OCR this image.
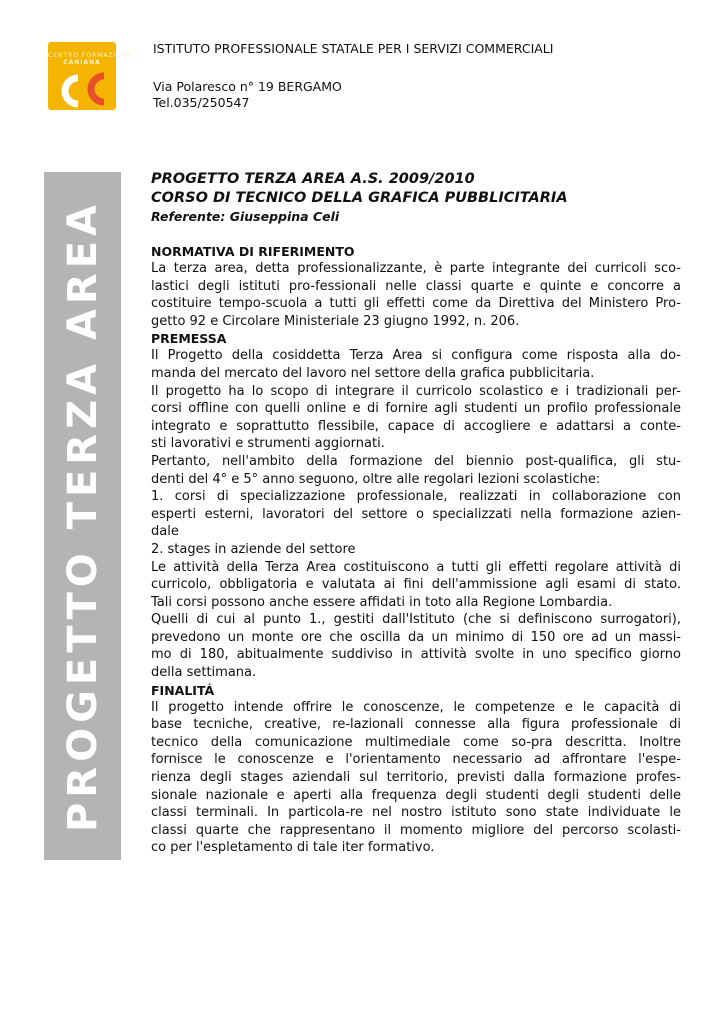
CENTRO FORMAZIONE
CANIANA
ISTITUTO PROFESSIONALE STATALE PER I SERVIZI COMMERCIALI
Via Polaresco n° 19 BERGAMO
Tel.035/250547
PROGETTO TERZA AREA
PROGETTO TERZA AREA A.S. 2009/2010
CORSO DI TECNICO DELLA GRAFICA PUBBLICITARIA
Referente: Giuseppina Celi
NORMATIVA DI RIFERIMENTO

La terza area, detta professionalizzante, è parte integrante dei curricoli sco-

lastici degli istituti pro-fessionali nelle classi quarte e quinte e concorre a

costituire tempo-scuola a tutti gli effetti come da Direttiva del Ministero Pro-

getto 92 e Circolare Ministeriale 23 giugno 1992, n. 206.

PREMESSA

Il Progetto della cosiddetta Terza Area si configura come risposta alla do-

manda del mercato del lavoro nel settore della grafica pubblicitaria.

Il progetto ha lo scopo di integrare il curricolo scolastico e i tradizionali per-

corsi offline con quelli online e di fornire agli studenti un profilo professionale

integrato e soprattutto flessibile, capace di accogliere e adattarsi a conte-

sti lavorativi e strumenti aggiornati.

Pertanto, nell'ambito della formazione del biennio post-qualifica, gli stu-

denti del 4° e 5° anno seguono, oltre alle regolari lezioni scolastiche:

1. corsi di specializzazione professionale, realizzati in collaborazione con

esperti esterni, lavoratori del settore o specializzati nella formazione azien-

dale

2. stages in aziende del settore

Le attività della Terza Area costituiscono a tutti gli effetti regolare attività di

curricolo, obbligatoria e valutata ai fini dell'ammissione agli esami di stato.

Tali corsi possono anche essere affidati in toto alla Regione Lombardia.

Quelli di cui al punto 1., gestiti dall'Istituto (che si definiscono surrogatori),

prevedono un monte ore che oscilla da un minimo di 150 ore ad un massi-

mo di 180, abitualmente suddiviso in attività svolte in uno specifico giorno

della settimana.

FINALITÁ

Il progetto intende offrire le conoscenze, le competenze e le capacità di

base tecniche, creative, re-lazionali connesse alla figura professionale di

tecnico della comunicazione multimediale come so-pra descritta. Inoltre

fornisce le conoscenze e l'orientamento necessario ad affrontare l'espe-

rienza degli stages aziendali sul territorio, previsti dalla formazione profes-

sionale nazionale e aperti alla frequenza degli studenti degli studenti delle

classi terminali. In particola-re nel nostro istituto sono state individuate le

classi quarte che rappresentano il momento migliore del percorso scolasti-

co per l'espletamento di tale iter formativo.
